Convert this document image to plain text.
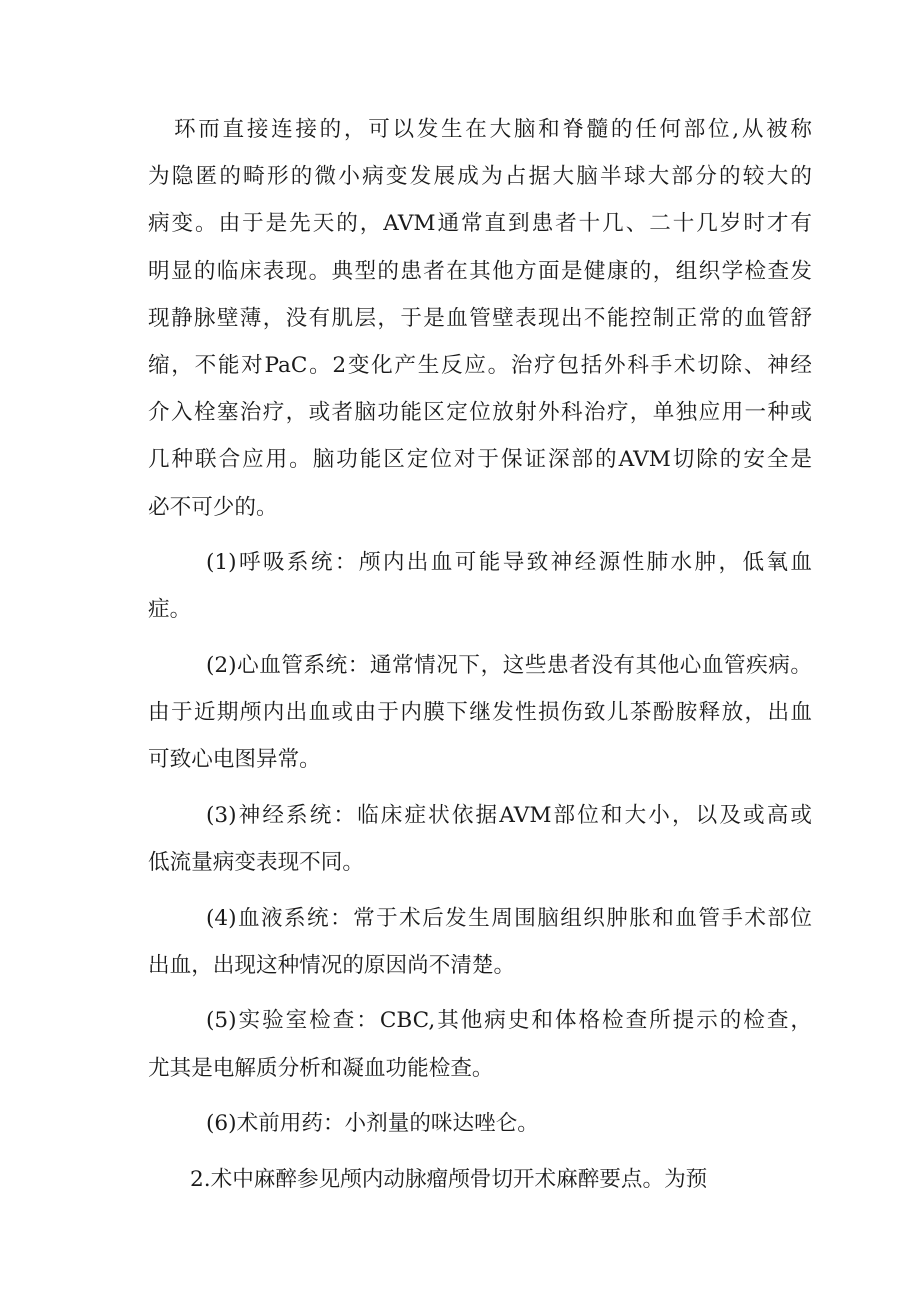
环而直接连接的，可以发生在大脑和脊髓的任何部位,从被称
为隐匿的畸形的微小病变发展成为占据大脑半球大部分的较大的
病变。由于是先天的，AVM通常直到患者十几、二十几岁时才有
明显的临床表现。典型的患者在其他方面是健康的，组织学检查发
现静脉壁薄，没有肌层，于是血管壁表现出不能控制正常的血管舒
缩，不能对PaC。2变化产生反应。治疗包括外科手术切除、神经
介入栓塞治疗，或者脑功能区定位放射外科治疗，单独应用一种或
几种联合应用。脑功能区定位对于保证深部的AVM切除的安全是
必不可少的。
(1)呼吸系统：颅内出血可能导致神经源性肺水肿，低氧血
症。
(2)心血管系统：通常情况下，这些患者没有其他心血管疾病。
由于近期颅内出血或由于内膜下继发性损伤致儿茶酚胺释放，出血
可致心电图异常。
(3)神经系统：临床症状依据AVM部位和大小，以及或高或
低流量病变表现不同。
(4)血液系统：常于术后发生周围脑组织肿胀和血管手术部位
出血，出现这种情况的原因尚不清楚。
(5)实验室检查：CBC,其他病史和体格检查所提示的检查，
尤其是电解质分析和凝血功能检查。
(6)术前用药：小剂量的咪达唑仑。
2.术中麻醉参见颅内动脉瘤颅骨切开术麻醉要点。为预
